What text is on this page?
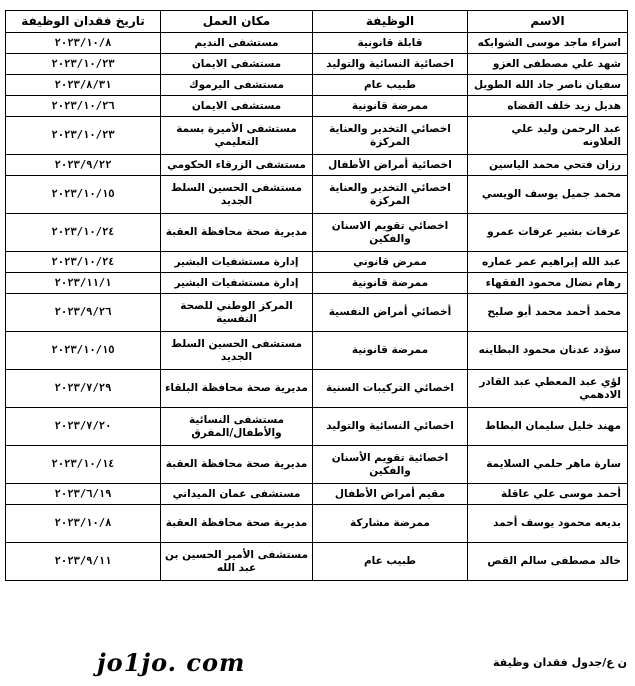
الاسم	الوظيفة	مكان العمل	تاريخ فقدان الوظيفة
اسراء ماجد موسى الشوابكه	قابلة قانونية	مستشفى النديم	٢٠٢٣/١٠/٨
شهد علي مصطفى الغزو	اخصائية النسائية والتوليد	مستشفى الايمان	٢٠٢٣/١٠/٢٣
سفيان ناصر جاد الله الطويل	طبيب عام	مستشفى اليرموك	٢٠٢٣/٨/٣١
هديل زيد خلف القضاه	ممرضة قانونية	مستشفى الايمان	٢٠٢٣/١٠/٢٦
عبد الرحمن وليد علي العلاونه	اخصائي التخدير والعناية المركزة	مستشفى الأميرة بسمة التعليمي	٢٠٢٣/١٠/٢٣
رزان فتحي محمد الياسين	اخصائية أمراض الأطفال	مستشفى الزرقاء الحكومي	٢٠٢٣/٩/٢٢
محمد جميل يوسف الويسي	اخصائي التخدير والعناية المركزة	مستشفى الحسين السلط الجديد	٢٠٢٣/١٠/١٥
عرفات بشير عرفات عمرو	اخصائي تقويم الاسنان والفكين	مديرية صحة محافظة العقبة	٢٠٢٣/١٠/٢٤
عبد الله إبراهيم عمر عماره	ممرض قانوني	إدارة مستشفيات البشير	٢٠٢٣/١٠/٢٤
رهام نضال محمود الفقهاء	ممرضة قانونية	إدارة مستشفيات البشير	٢٠٢٣/١١/١
محمد أحمد محمد أبو صليح	أخصائي أمراض النفسية	المركز الوطني للصحة النفسية	٢٠٢٣/٩/٢٦
سؤدد عدنان محمود البطاينه	ممرضة قانونية	مستشفى الحسين السلط الجديد	٢٠٢٣/١٠/١٥
لؤي عبد المعطي عبد القادر الادهمي	اخصائي التركيبات السنية	مديرية صحة محافظة البلقاء	٢٠٢٣/٧/٢٩
مهند خليل سليمان البطاط	اخصائي النسائية والتوليد	مستشفى النسائية والأطفال/المفرق	٢٠٢٣/٧/٢٠
سارة ماهر حلمي السلايمة	اخصائية تقويم الأسنان والفكين	مديرية صحة محافظة العقبة	٢٠٢٣/١٠/١٤
أحمد موسى علي عاقلة	مقيم أمراض الأطفال	مستشفى عمان الميداني	٢٠٢٣/٦/١٩
بديعه محمود يوسف أحمد	ممرضة مشاركة	مديرية صحة محافظة العقبة	٢٠٢٣/١٠/٨
خالد مصطفى سالم القص	طبيب عام	مستشفى الأمير الحسين بن عبد الله	٢٠٢٣/٩/١١
jo1jo. com	ن ع/جدول فقدان وظيفة
